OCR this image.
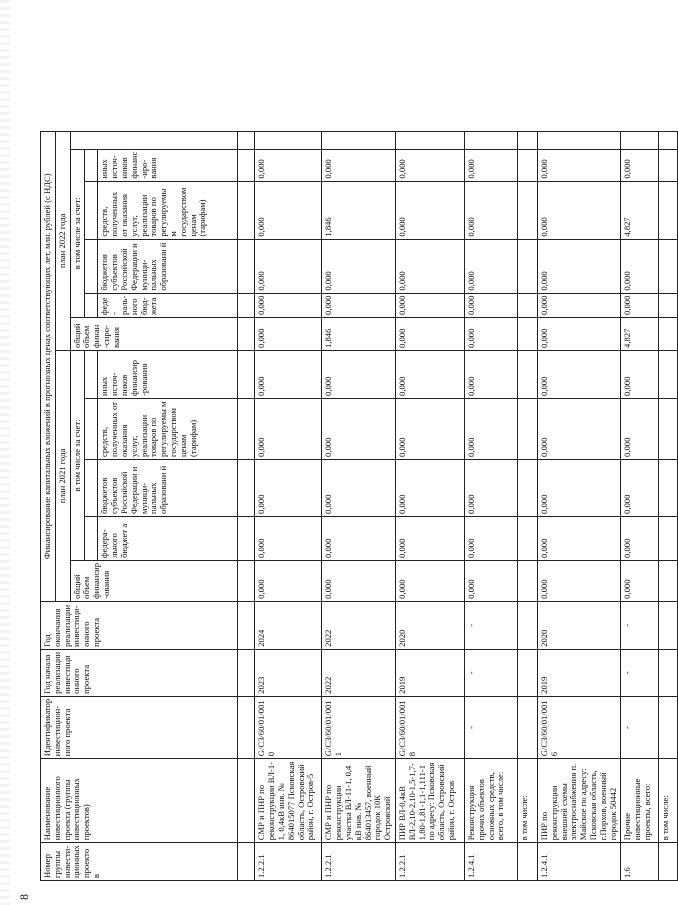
8
Номер группы инвести-ционных проекто в	Наименование инвестиционного проекта (группы инвестиционных проектов)	Идентификатор инвестицион-ного проекта	Год начала реализации инвестици онного проекта	Год окончания реализации инвестици-онного проекта	Финансирование капитальных вложений в прогнозных ценах соответствующих лет, млн. рублей (с НДС)										
					план 2021 года					план 2022 года					
					общий объем финансир -ования	в том числе за счет:				общий объем финан -сиро- вания	в том числе за счет:				

						федера- льного бюджет а	бюджетов субъектов Российской Федерации и муници- пальных образовани й	средств, полученных от оказания услуг, реализации товаров по регулируемы м государством ценам (тарифам)	иных источ- ников финансир -рования		феде - раль- ного бюд- жета	бюджетов субъектов Российской Федерации и муници- пальных образовани й	средств, полученных от оказания услуг, реализации товаров по регулируемы м государством ценам (тарифам)	иных источ- ников финанс -иро- вания	

1.2.2.1	СМР и ПНР по реконструкции ВЛ-1-1, 0,4кВ инв. № 864015077 Псковская область, Островский район, г. Остров-5	G/C3/60/01/001 0	2023	2024	0,000	0,000	0,000	0,000	0,000	0,000	0,000	0,000	0,000	0,000	
1.2.2.1	СМР и ПНР по реконструкции участка ВЛ-11-1, 0,4 кВ инв. № 864013457, военный городок 10К Островский	G/C3/60/01/001 1	2022	2022	0,000	0,000	0,000	0,000	0,000	1,846	0,000	0,000	1,846	0,000	
1.2.2.1	ПИР ВЛ-0,4кВ ВЛ-2,10-2,10-1,5-1,7-1,80-1,81-1,1-1,111-1 по адресу: Псковская область, Островский район, г. Остров	G/C3/60/01/001 8	2019	2020	0,000	0,000	0,000	0,000	0,000	0,000	0,000	0,000	0,000	0,000	
1.2.4.1	Реконструкция прочих объектов основных средств, всего, в том числе:	-	-	-	0,000	0,000	0,000	0,000	0,000	0,000	0,000	0,000	0,000	0,000	
	в том числе:														
1.2.4.1	ПИР по реконструкции внешней схемы электроснабжения п. Майское по адресу: Псковская область, г.Порхов, военный городок 50442	G/C3/60/01/001 6	2019	2020	0,000	0,000	0,000	0,000	0,000	0,000	0,000	0,000	0,000	0,000	
1.6	Прочие инвестиционные проекты, всего:	-	-	-	0,000	0,000	0,000	0,000	0,000	4,827	0,000	0,000	4,827	0,000	
	в том числе:														
